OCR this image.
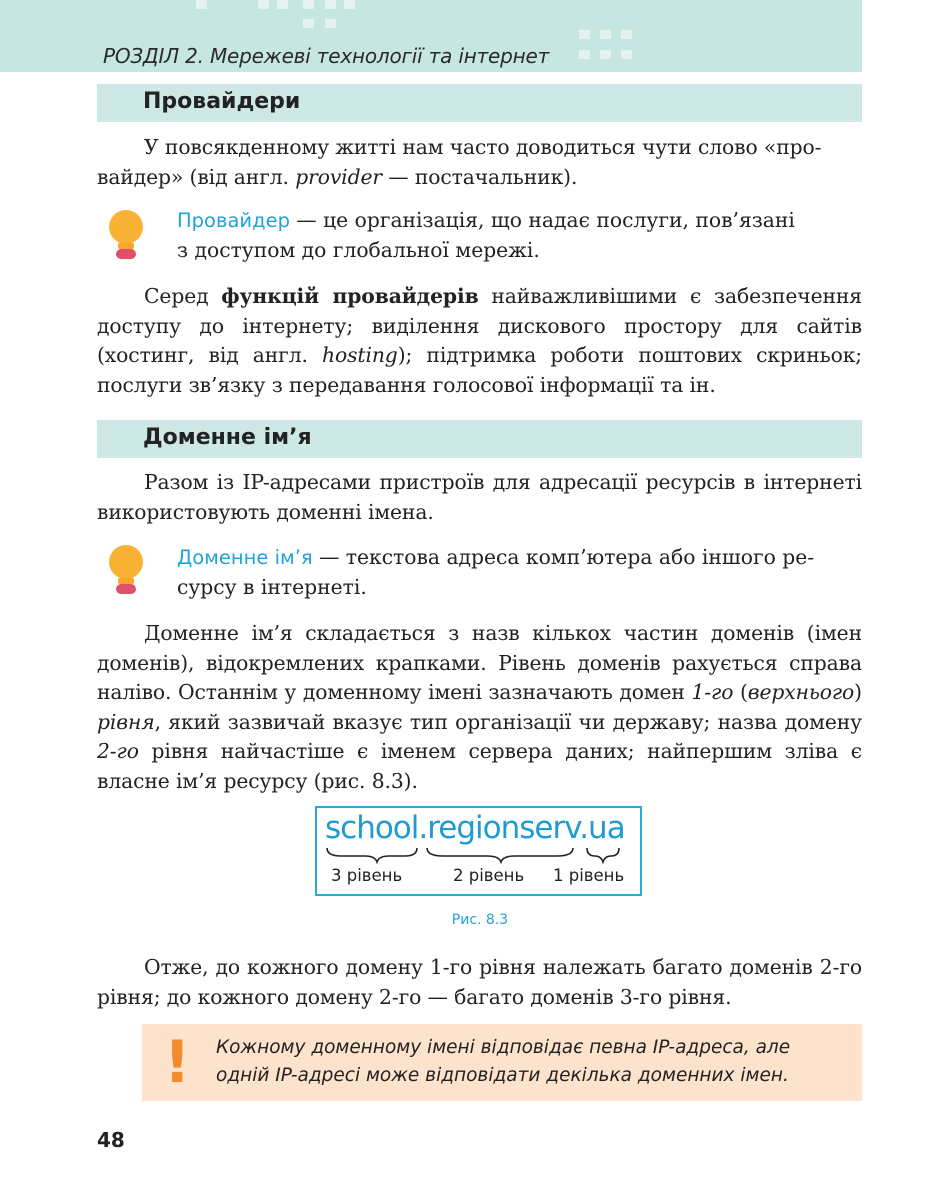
РОЗДІЛ 2. Мережеві технології та інтернет
Провайдери

У повсякденному житті нам часто доводиться чути слово «про-
вайдер» (від англ. provider — постачальник).

Провайдер — це організація, що надає послуги, пов’язані
з доступом до глобальної мережі.

Серед функцій провайдерів найважливішими є забезпечення доступу до інтернету; виділення дискового простору для сайтів (хостинг, від англ. hosting); підтримка роботи поштових скриньок; послуги зв’язку з передавання голосової інформації та ін.

Доменне ім’я

Разом із IP-адресами пристроїв для адресації ресурсів в інтернеті використовують доменні імена.

Доменне ім’я — текстова адреса комп’ютера або іншого ре-
сурсу в інтернеті.

Доменне ім’я складається з назв кількох частин доменів (імен доменів), відокремлених крапками. Рівень доменів рахується справа наліво. Останнім у доменному імені зазначають домен 1-го (верхнього) рівня, який зазвичай вказує тип організації чи державу; назва домену 2-го рівня найчастіше є іменем сервера даних; найпершим зліва є власне ім’я ресурсу (рис. 8.3).

school.regionserv.ua
3 рівень	2 рівень 1 рівень
Рис. 8.3

Отже, до кожного домену 1-го рівня належать багато доменів 2-го рівня; до кожного домену 2-го — багато доменів 3-го рівня.

! Кожному доменному імені відповідає певна IP-адреса, але

одній IP-адресі може відповідати декілька доменних імен.

48
